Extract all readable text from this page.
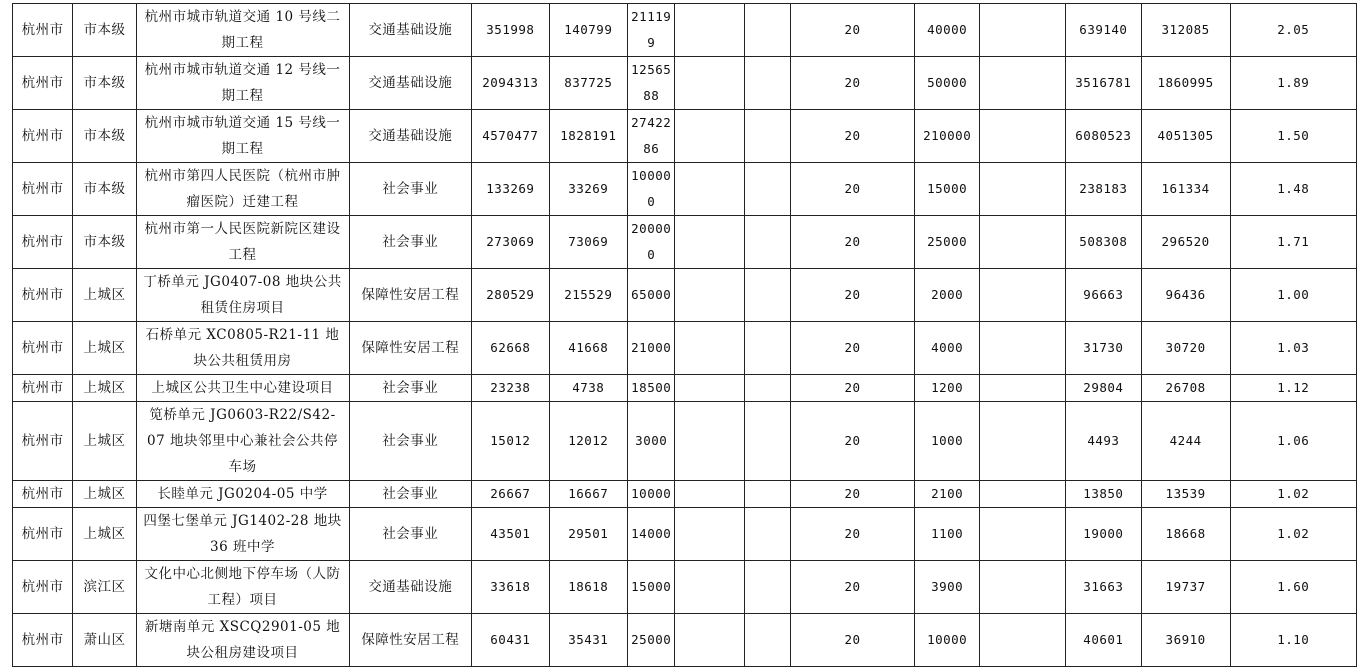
杭州市	市本级	杭州市城市轨道交通 10 号线二期工程	交通基础设施	351998	140799	211199			20	40000		639140	312085	2.05
杭州市	市本级	杭州市城市轨道交通 12 号线一期工程	交通基础设施	2094313	837725	1256588			20	50000		3516781	1860995	1.89
杭州市	市本级	杭州市城市轨道交通 15 号线一期工程	交通基础设施	4570477	1828191	2742286			20	210000		6080523	4051305	1.50
杭州市	市本级	杭州市第四人民医院（杭州市肿瘤医院）迁建工程	社会事业	133269	33269	100000			20	15000		238183	161334	1.48
杭州市	市本级	杭州市第一人民医院新院区建设工程	社会事业	273069	73069	200000			20	25000		508308	296520	1.71
杭州市	上城区	丁桥单元 JG0407-08 地块公共租赁住房项目	保障性安居工程	280529	215529	65000			20	2000		96663	96436	1.00
杭州市	上城区	石桥单元 XC0805-R21-11 地块公共租赁用房	保障性安居工程	62668	41668	21000			20	4000		31730	30720	1.03
杭州市	上城区	上城区公共卫生中心建设项目	社会事业	23238	4738	18500			20	1200		29804	26708	1.12
杭州市	上城区	笕桥单元 JG0603-R22/S42-07 地块邻里中心兼社会公共停车场	社会事业	15012	12012	3000			20	1000		4493	4244	1.06
杭州市	上城区	长睦单元 JG0204-05 中学	社会事业	26667	16667	10000			20	2100		13850	13539	1.02
杭州市	上城区	四堡七堡单元 JG1402-28 地块 36 班中学	社会事业	43501	29501	14000			20	1100		19000	18668	1.02
杭州市	滨江区	文化中心北侧地下停车场（人防工程）项目	交通基础设施	33618	18618	15000			20	3900		31663	19737	1.60
杭州市	萧山区	新塘南单元 XSCQ2901-05 地块公租房建设项目	保障性安居工程	60431	35431	25000			20	10000		40601	36910	1.10
